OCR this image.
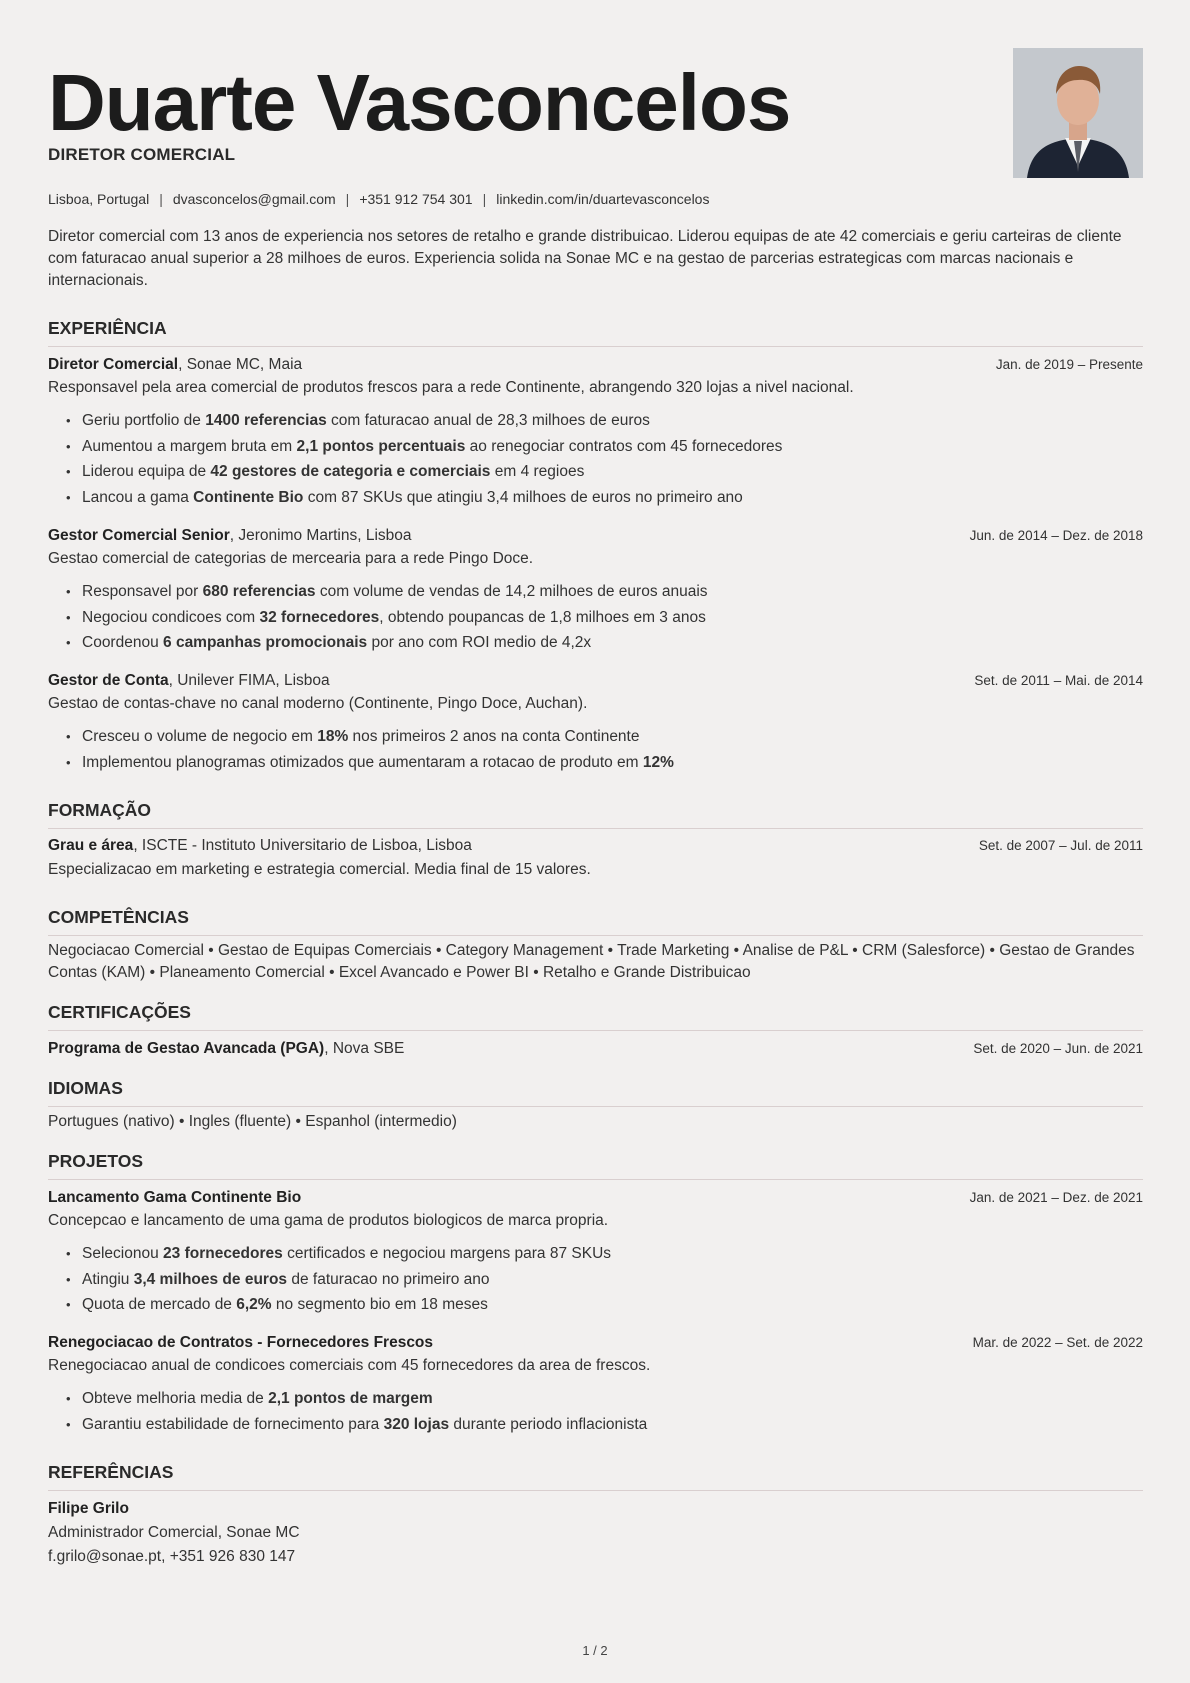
Duarte Vasconcelos
DIRETOR COMERCIAL
Lisboa, Portugal | dvasconcelos@gmail.com | +351 912 754 301 | linkedin.com/in/duartevasconcelos
Diretor comercial com 13 anos de experiencia nos setores de retalho e grande distribuicao. Liderou equipas de ate 42 comerciais e geriu carteiras de cliente com faturacao anual superior a 28 milhoes de euros. Experiencia solida na Sonae MC e na gestao de parcerias estrategicas com marcas nacionais e internacionais.
EXPERIÊNCIA
Diretor Comercial, Sonae MC, Maia	Jan. de 2019 – Presente
Responsavel pela area comercial de produtos frescos para a rede Continente, abrangendo 320 lojas a nivel nacional.
• Geriu portfolio de 1400 referencias com faturacao anual de 28,3 milhoes de euros
• Aumentou a margem bruta em 2,1 pontos percentuais ao renegociar contratos com 45 fornecedores
• Liderou equipa de 42 gestores de categoria e comerciais em 4 regioes
• Lancou a gama Continente Bio com 87 SKUs que atingiu 3,4 milhoes de euros no primeiro ano
Gestor Comercial Senior, Jeronimo Martins, Lisboa	Jun. de 2014 – Dez. de 2018
Gestao comercial de categorias de mercearia para a rede Pingo Doce.
• Responsavel por 680 referencias com volume de vendas de 14,2 milhoes de euros anuais
• Negociou condicoes com 32 fornecedores, obtendo poupancas de 1,8 milhoes em 3 anos
• Coordenou 6 campanhas promocionais por ano com ROI medio de 4,2x
Gestor de Conta, Unilever FIMA, Lisboa	Set. de 2011 – Mai. de 2014
Gestao de contas-chave no canal moderno (Continente, Pingo Doce, Auchan).
• Cresceu o volume de negocio em 18% nos primeiros 2 anos na conta Continente
• Implementou planogramas otimizados que aumentaram a rotacao de produto em 12%
FORMAÇÃO
Grau e área, ISCTE - Instituto Universitario de Lisboa, Lisboa	Set. de 2007 – Jul. de 2011
Especializacao em marketing e estrategia comercial. Media final de 15 valores.
COMPETÊNCIAS
Negociacao Comercial • Gestao de Equipas Comerciais • Category Management • Trade Marketing • Analise de P&L • CRM (Salesforce) • Gestao de Grandes Contas (KAM) • Planeamento Comercial • Excel Avancado e Power BI • Retalho e Grande Distribuicao
CERTIFICAÇÕES
Programa de Gestao Avancada (PGA), Nova SBE	Set. de 2020 – Jun. de 2021
IDIOMAS
Portugues (nativo) • Ingles (fluente) • Espanhol (intermedio)
PROJETOS
Lancamento Gama Continente Bio	Jan. de 2021 – Dez. de 2021
Concepcao e lancamento de uma gama de produtos biologicos de marca propria.
• Selecionou 23 fornecedores certificados e negociou margens para 87 SKUs
• Atingiu 3,4 milhoes de euros de faturacao no primeiro ano
• Quota de mercado de 6,2% no segmento bio em 18 meses
Renegociacao de Contratos - Fornecedores Frescos	Mar. de 2022 – Set. de 2022
Renegociacao anual de condicoes comerciais com 45 fornecedores da area de frescos.
• Obteve melhoria media de 2,1 pontos de margem
• Garantiu estabilidade de fornecimento para 320 lojas durante periodo inflacionista
REFERÊNCIAS
Filipe Grilo
Administrador Comercial, Sonae MC
f.grilo@sonae.pt, +351 926 830 147
1 / 2
